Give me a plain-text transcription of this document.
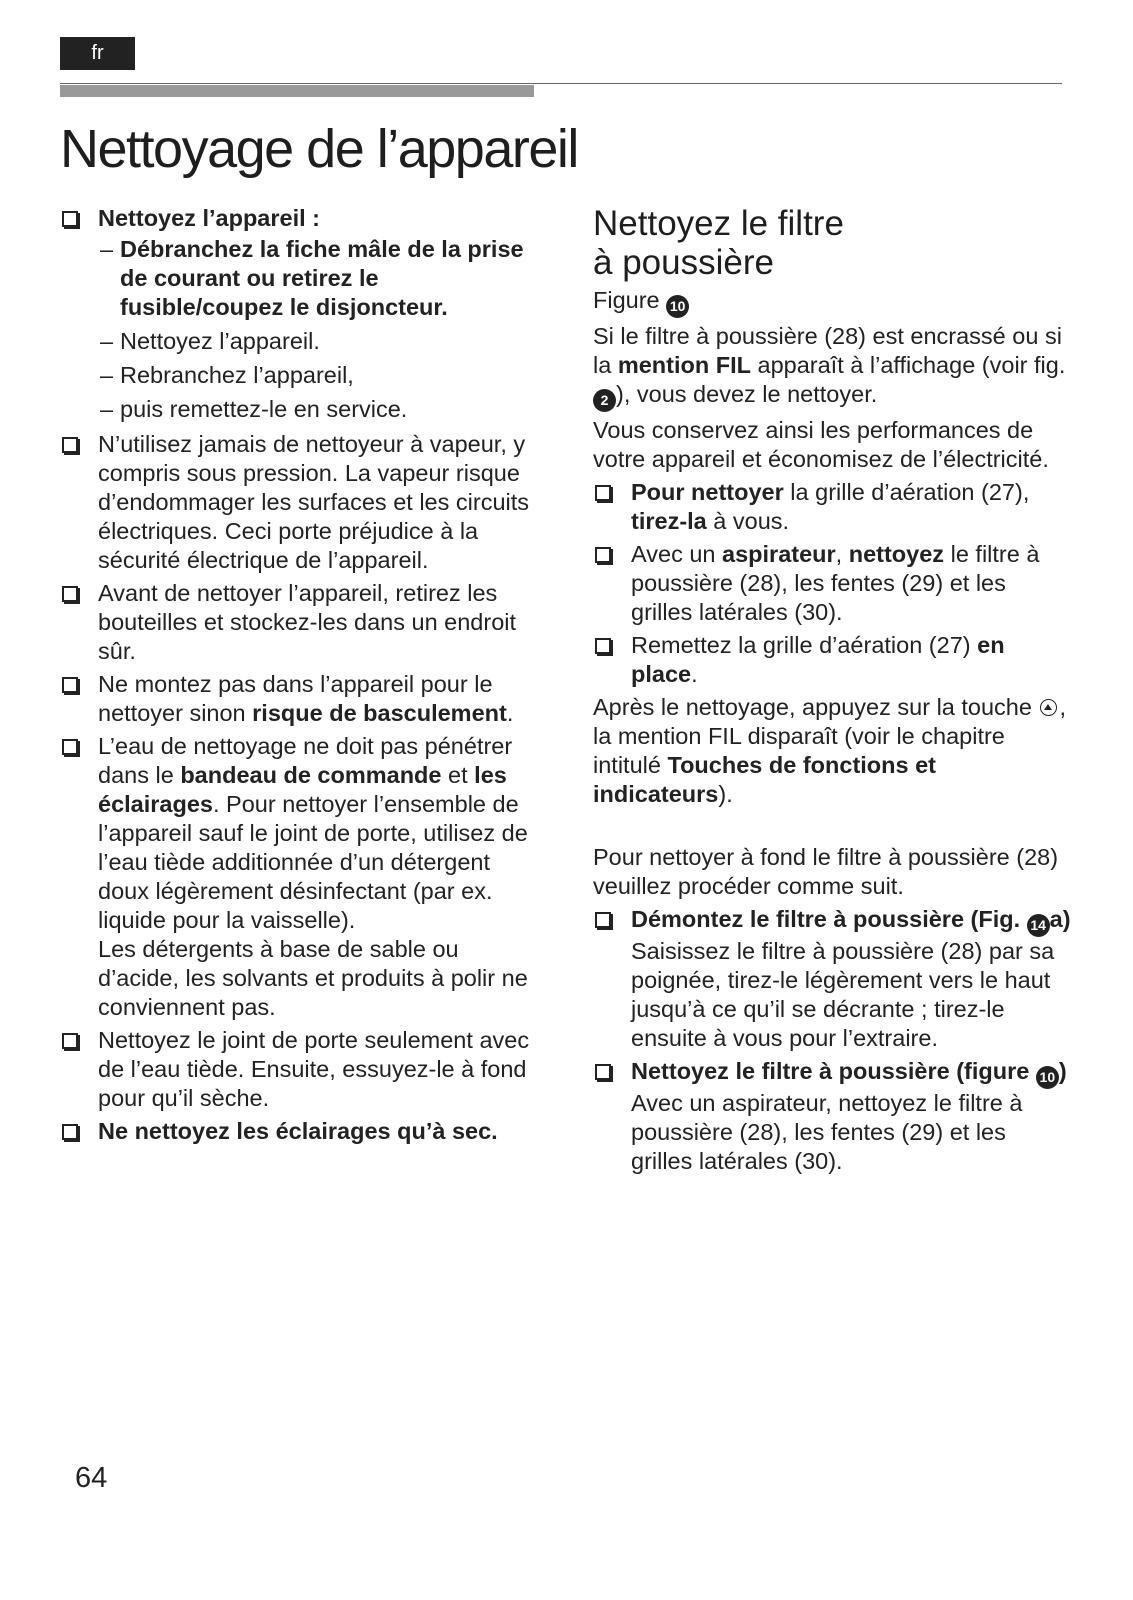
fr
Nettoyage de l’appareil
Nettoyez l’appareil :
– Débranchez la fiche mâle de la prise de courant ou retirez le fusible/coupez le disjoncteur.
– Nettoyez l’appareil.
– Rebranchez l’appareil,
– puis remettez-le en service.
N’utilisez jamais de nettoyeur à vapeur, y compris sous pression. La vapeur risque d’endommager les surfaces et les circuits électriques. Ceci porte préjudice à la sécurité électrique de l’appareil.
Avant de nettoyer l’appareil, retirez les bouteilles et stockez-les dans un endroit sûr.
Ne montez pas dans l’appareil pour le nettoyer sinon risque de basculement.
L’eau de nettoyage ne doit pas pénétrer dans le bandeau de commande et les éclairages. Pour nettoyer l’ensemble de l’appareil sauf le joint de porte, utilisez de l’eau tiède additionnée d’un détergent doux légèrement désinfectant (par ex. liquide pour la vaisselle).
Les détergents à base de sable ou d’acide, les solvants et produits à polir ne conviennent pas.
Nettoyez le joint de porte seulement avec de l’eau tiède. Ensuite, essuyez-le à fond pour qu’il sèche.
Ne nettoyez les éclairages qu’à sec.
Nettoyez le filtre
à poussière

Figure 10

Si le filtre à poussière (28) est encrassé ou si la mention FIL apparaît à l’affichage (voir fig. 2 ), vous devez le nettoyer.

Vous conservez ainsi les performances de votre appareil et économisez de l’électricité.

Pour nettoyer la grille d’aération (27), tirez-la à vous.
Avec un aspirateur, nettoyez le filtre à poussière (28), les fentes (29) et les grilles latérales (30).
Remettez la grille d’aération (27) en place.

Après le nettoyage, appuyez sur la touche , la mention FIL disparaît (voir le chapitre intitulé Touches de fonctions et indicateurs).

Pour nettoyer à fond le filtre à poussière (28) veuillez procéder comme suit.

Démontez le filtre à poussière (Fig. 14 a)
Saisissez le filtre à poussière (28) par sa poignée, tirez-le légèrement vers le haut jusqu’à ce qu’il se décrante ; tirez-le ensuite à vous pour l’extraire.
Nettoyez le filtre à poussière (figure 10 )
Avec un aspirateur, nettoyez le filtre à poussière (28), les fentes (29) et les grilles latérales (30).
64
